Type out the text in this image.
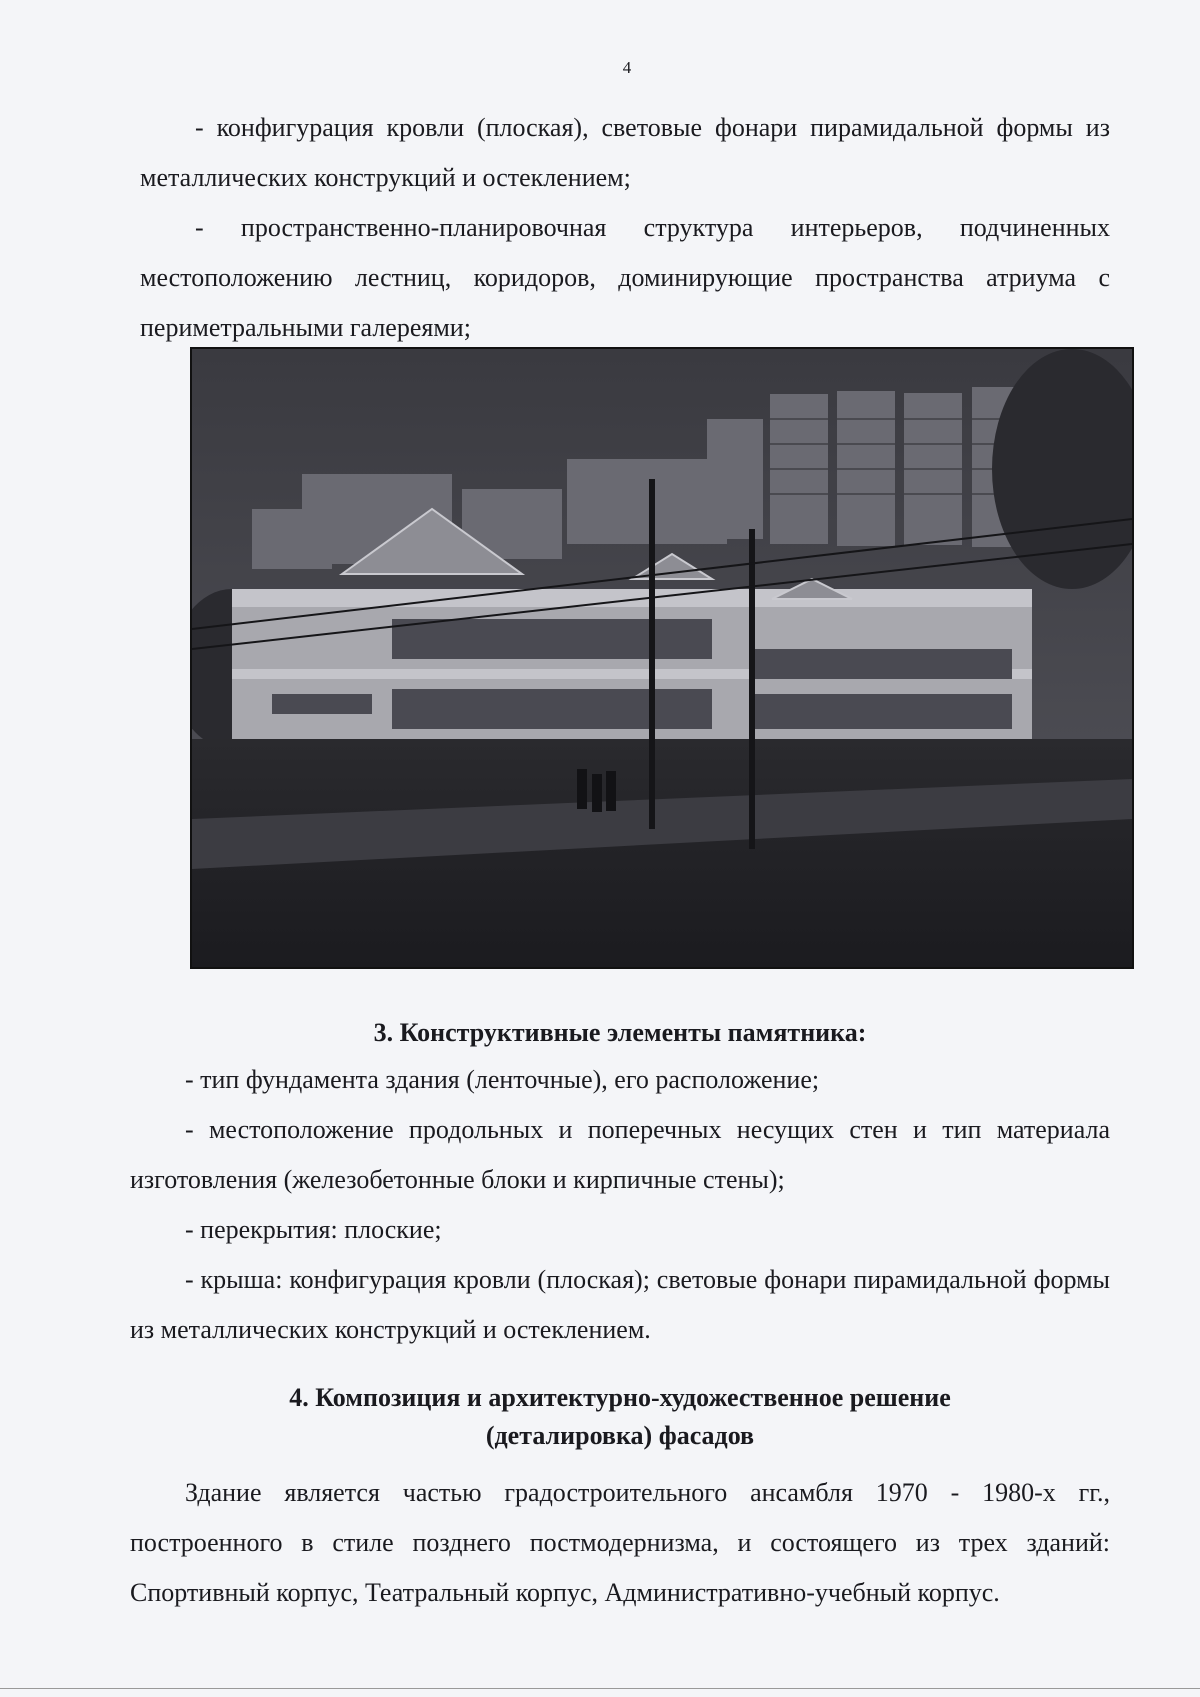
4

- конфигурация кровли (плоская), световые фонари пирамидальной формы из металлических конструкций и остеклением;

- пространственно-планировочная структура интерьеров, подчиненных местоположению лестниц, коридоров, доминирующие пространства атриума с периметральными галереями;

3. Конструктивные элементы памятника:

- тип фундамента здания (ленточные), его расположение;

- местоположение продольных и поперечных несущих стен и тип материала изготовления (железобетонные блоки и кирпичные стены);

- перекрытия: плоские;

- крыша: конфигурация кровли (плоская); световые фонари пирамидальной формы из металлических конструкций и остеклением.

4. Композиция и архитектурно-художественное решение
(деталировка) фасадов

Здание является частью градостроительного ансамбля 1970 - 1980-х гг., построенного в стиле позднего постмодернизма, и состоящего из трех зданий: Спортивный корпус, Театральный корпус, Административно-учебный корпус.
